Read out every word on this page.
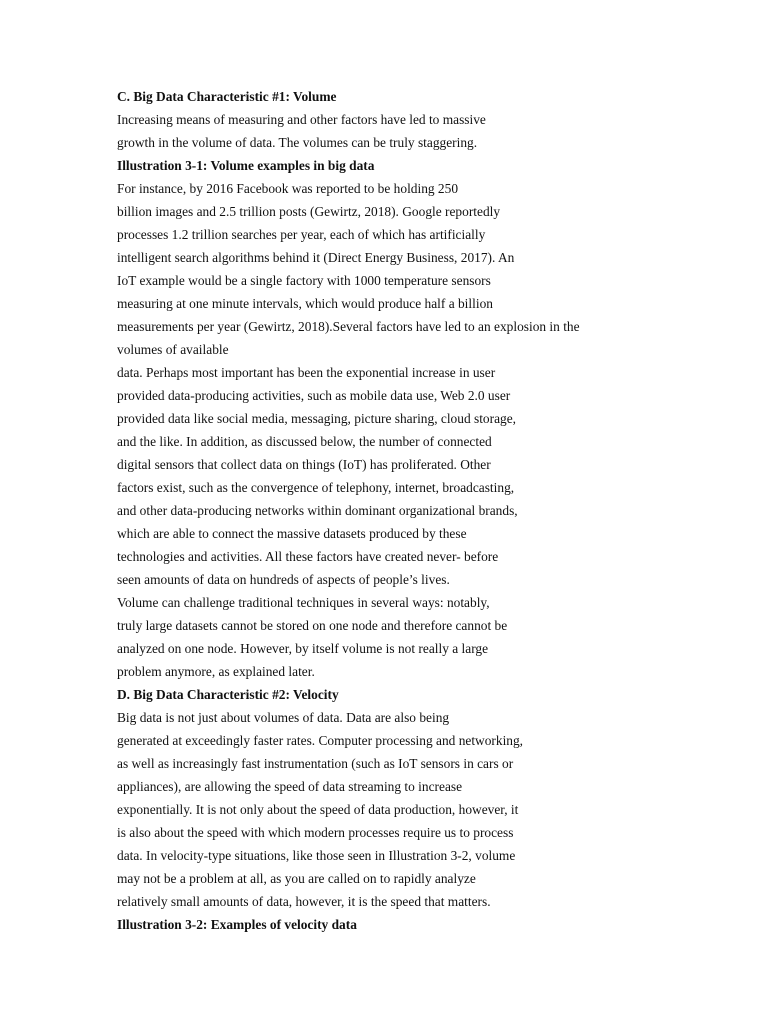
C. Big Data Characteristic #1: Volume
Increasing means of measuring and other factors have led to massive
growth in the volume of data. The volumes can be truly staggering.
Illustration 3-1: Volume examples in big data
For instance, by 2016 Facebook was reported to be holding 250
billion images and 2.5 trillion posts (Gewirtz, 2018). Google reportedly
processes 1.2 trillion searches per year, each of which has artificially
intelligent search algorithms behind it (Direct Energy Business, 2017). An
IoT example would be a single factory with 1000 temperature sensors
measuring at one minute intervals, which would produce half a billion
measurements per year (Gewirtz, 2018).Several factors have led to an explosion in the
volumes of available
data. Perhaps most important has been the exponential increase in user
provided data-producing activities, such as mobile data use, Web 2.0 user
provided data like social media, messaging, picture sharing, cloud storage,
and the like. In addition, as discussed below, the number of connected
digital sensors that collect data on things (IoT) has proliferated. Other
factors exist, such as the convergence of telephony, internet, broadcasting,
and other data-producing networks within dominant organizational brands,
which are able to connect the massive datasets produced by these
technologies and activities. All these factors have created never- before
seen amounts of data on hundreds of aspects of people’s lives.
Volume can challenge traditional techniques in several ways: notably,
truly large datasets cannot be stored on one node and therefore cannot be
analyzed on one node. However, by itself volume is not really a large
problem anymore, as explained later.
D. Big Data Characteristic #2: Velocity
Big data is not just about volumes of data. Data are also being
generated at exceedingly faster rates. Computer processing and networking,
as well as increasingly fast instrumentation (such as IoT sensors in cars or
appliances), are allowing the speed of data streaming to increase
exponentially. It is not only about the speed of data production, however, it
is also about the speed with which modern processes require us to process
data. In velocity-type situations, like those seen in Illustration 3-2, volume
may not be a problem at all, as you are called on to rapidly analyze
relatively small amounts of data, however, it is the speed that matters.
Illustration 3-2: Examples of velocity data
